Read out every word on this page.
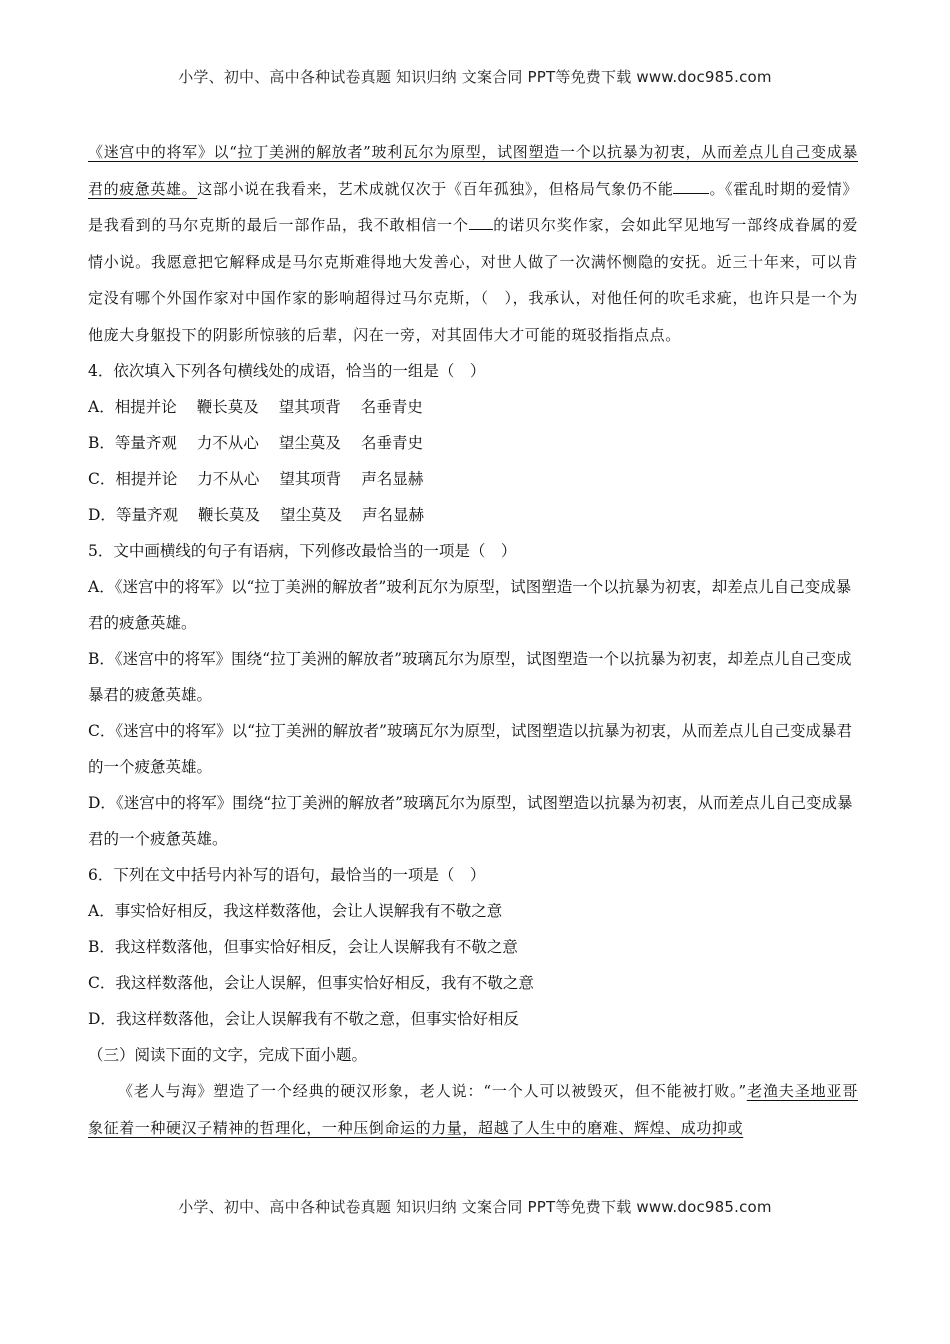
小学、初中、高中各种试卷真题 知识归纳 文案合同 PPT等免费下载 www.doc985.com

《迷宫中的将军》以“拉丁美洲的解放者”玻利瓦尔为原型，试图塑造一个以抗暴为初衷，从而差点儿自己变成暴君的疲惫英雄。这部小说在我看来，艺术成就仅次于《百年孤独》，但格局气象仍不能 。《霍乱时期的爱情》是我看到的马尔克斯的最后一部作品，我不敢相信一个 的诺贝尔奖作家，会如此罕见地写一部终成眷属的爱情小说。我愿意把它解释成是马尔克斯难得地大发善心，对世人做了一次满怀恻隐的安抚。近三十年来，可以肯定没有哪个外国作家对中国作家的影响超得过马尔克斯，（　），我承认，对他任何的吹毛求疵，也许只是一个为他庞大身躯投下的阴影所惊骇的后辈，闪在一旁，对其固伟大才可能的斑驳指指点点。

4．依次填入下列各句横线处的成语，恰当的一组是（　）

A．相提并论 鞭长莫及 望其项背 名垂青史

B．等量齐观 力不从心 望尘莫及 名垂青史

C．相提并论 力不从心 望其项背 声名显赫

D．等量齐观 鞭长莫及 望尘莫及 声名显赫

5．文中画横线的句子有语病，下列修改最恰当的一项是（　）

A．《迷宫中的将军》以“拉丁美洲的解放者”玻利瓦尔为原型，试图塑造一个以抗暴为初衷，却差点儿自己变成暴君的疲惫英雄。

B．《迷宫中的将军》围绕“拉丁美洲的解放者”玻璃瓦尔为原型，试图塑造一个以抗暴为初衷，却差点儿自己变成暴君的疲惫英雄。

C．《迷宫中的将军》以“拉丁美洲的解放者”玻璃瓦尔为原型，试图塑造以抗暴为初衷，从而差点儿自己变成暴君的一个疲惫英雄。

D．《迷宫中的将军》围绕“拉丁美洲的解放者”玻璃瓦尔为原型，试图塑造以抗暴为初衷，从而差点儿自己变成暴君的一个疲惫英雄。

6．下列在文中括号内补写的语句，最恰当的一项是（　）

A．事实恰好相反，我这样数落他，会让人误解我有不敬之意

B．我这样数落他，但事实恰好相反，会让人误解我有不敬之意

C．我这样数落他，会让人误解，但事实恰好相反，我有不敬之意

D．我这样数落他，会让人误解我有不敬之意，但事实恰好相反

（三）阅读下面的文字，完成下面小题。

《老人与海》塑造了一个经典的硬汉形象，老人说：“一个人可以被毁灭，但不能被打败。”老渔夫圣地亚哥象征着一种硬汉子精神的哲理化，一种压倒命运的力量，超越了人生中的磨难、辉煌、成功抑或

小学、初中、高中各种试卷真题 知识归纳 文案合同 PPT等免费下载 www.doc985.com
